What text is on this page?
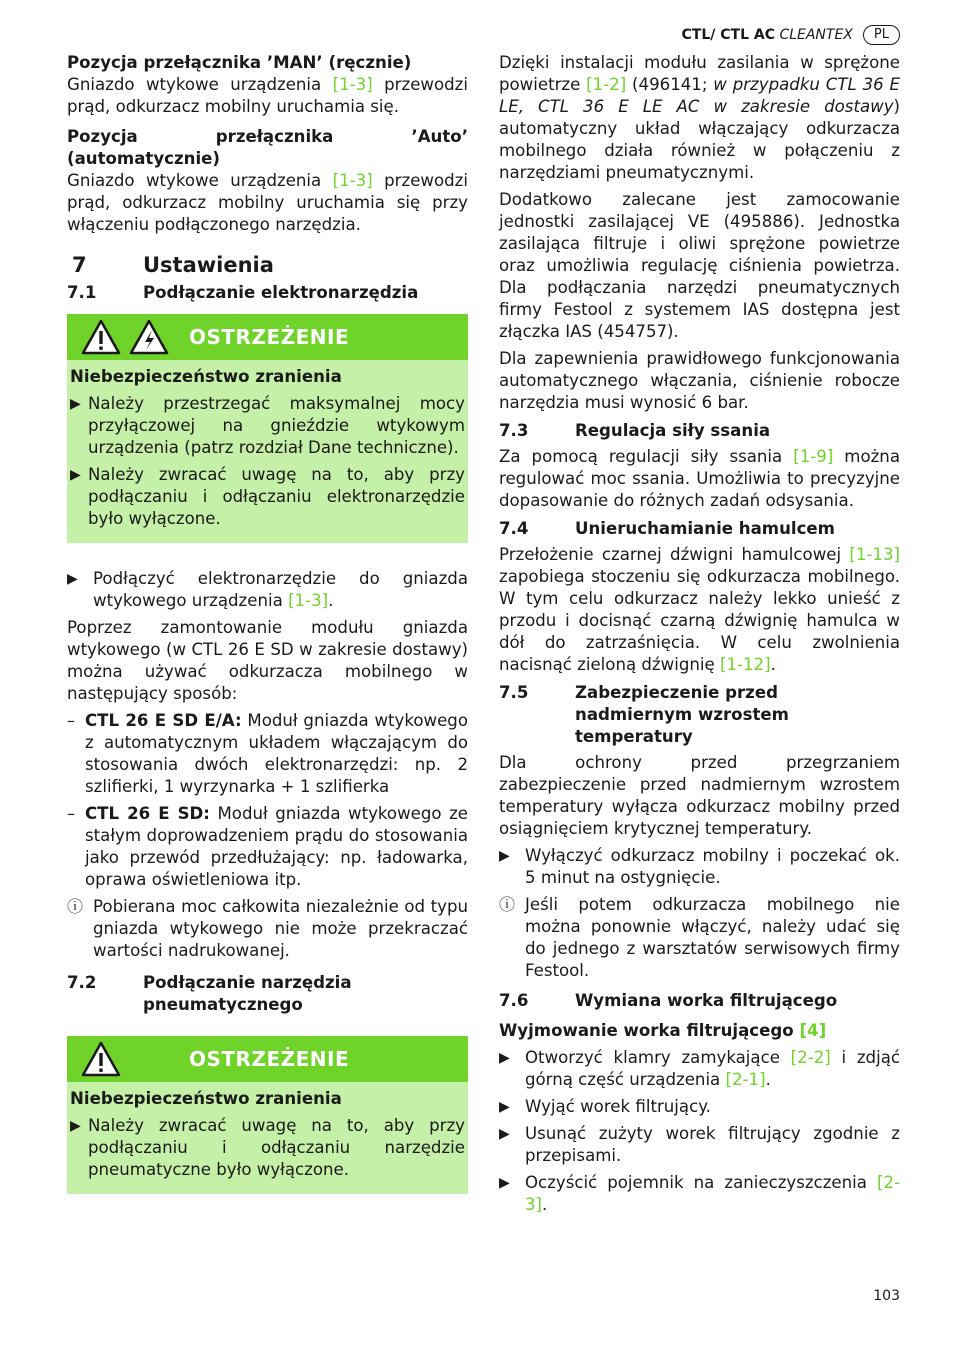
CTL/ CTL AC CLEANTEX	PL
Pozycja przełącznika ’MAN’ (ręcznie)

Gniazdo wtykowe urządzenia [1-3] przewodzi prąd, odkurzacz mobilny uruchamia się.

Pozycja przełącznika ’Auto’ (automatycznie)

Gniazdo wtykowe urządzenia [1-3] przewodzi prąd, odkurzacz mobilny uruchamia się przy włączeniu podłączonego narzędzia.

7	Ustawienia
7.1	Podłączanie elektronarzędzia
OSTRZEŻENIE
Niebezpieczeństwo zranienia
▶ Należy przestrzegać maksymalnej mocy przyłączowej na gnieździe wtykowym urządzenia (patrz rozdział Dane techniczne).
▶ Należy zwracać uwagę na to, aby przy podłączaniu i odłączaniu elektronarzędzie było wyłączone.
▶ Podłączyć elektronarzędzie do gniazda wtykowego urządzenia [1-3].

Poprzez zamontowanie modułu gniazda wtykowego (w CTL 26 E SD w zakresie dostawy) można używać odkurzacza mobilnego w następujący sposób:

– CTL 26 E SD E/A: Moduł gniazda wtykowego z automatycznym układem włączającym do stosowania dwóch elektronarzędzi: np. 2 szlifierki, 1 wyrzynarka + 1 szlifierka
– CTL 26 E SD: Moduł gniazda wtykowego ze stałym doprowadzeniem prądu do stosowania jako przewód przedłużający: np. ładowarka, oprawa oświetleniowa itp.
ⓘ Pobierana moc całkowita niezależnie od typu gniazda wtykowego nie może przekraczać wartości nadrukowanej.
7.2	Podłączanie narzędzia pneumatycznego
OSTRZEŻENIE
Niebezpieczeństwo zranienia
▶ Należy zwracać uwagę na to, aby przy podłączaniu i odłączaniu narzędzie pneumatyczne było wyłączone.

Dzięki instalacji modułu zasilania w sprężone powietrze [1-2] (496141; w przypadku CTL 36 E LE, CTL 36 E LE AC w zakresie dostawy) automatyczny układ włączający odkurzacza mobilnego działa również w połączeniu z narzędziami pneumatycznymi.

Dodatkowo zalecane jest zamocowanie jednostki zasilającej VE (495886). Jednostka zasilająca filtruje i oliwi sprężone powietrze oraz umożliwia regulację ciśnienia powietrza. Dla podłączania narzędzi pneumatycznych firmy Festool z systemem IAS dostępna jest złączka IAS (454757).

Dla zapewnienia prawidłowego funkcjonowania automatycznego włączania, ciśnienie robocze narzędzia musi wynosić 6 bar.

7.3	Regulacja siły ssania

Za pomocą regulacji siły ssania [1-9] można regulować moc ssania. Umożliwia to precyzyjne dopasowanie do różnych zadań odsysania.

7.4	Unieruchamianie hamulcem

Przełożenie czarnej dźwigni hamulcowej [1-13] zapobiega stoczeniu się odkurzacza mobilnego. W tym celu odkurzacz należy lekko unieść z przodu i docisnąć czarną dźwignię hamulca w dół do zatrzaśnięcia. W celu zwolnienia nacisnąć zieloną dźwignię [1-12].

7.5	Zabezpieczenie przed nadmiernym wzrostem temperatury

Dla ochrony przed przegrzaniem zabezpieczenie przed nadmiernym wzrostem temperatury wyłącza odkurzacz mobilny przed osiągnięciem krytycznej temperatury.

▶ Wyłączyć odkurzacz mobilny i poczekać ok. 5 minut na ostygnięcie.
ⓘ Jeśli potem odkurzacza mobilnego nie można ponownie włączyć, należy udać się do jednego z warsztatów serwisowych firmy Festool.
7.6	Wymiana worka filtrującego
Wyjmowanie worka filtrującego [4]
▶ Otworzyć klamry zamykające [2-2] i zdjąć górną część urządzenia [2-1].
▶ Wyjąć worek filtrujący.
▶ Usunąć zużyty worek filtrujący zgodnie z przepisami.
▶ Oczyścić pojemnik na zanieczyszczenia [2-3].
103
